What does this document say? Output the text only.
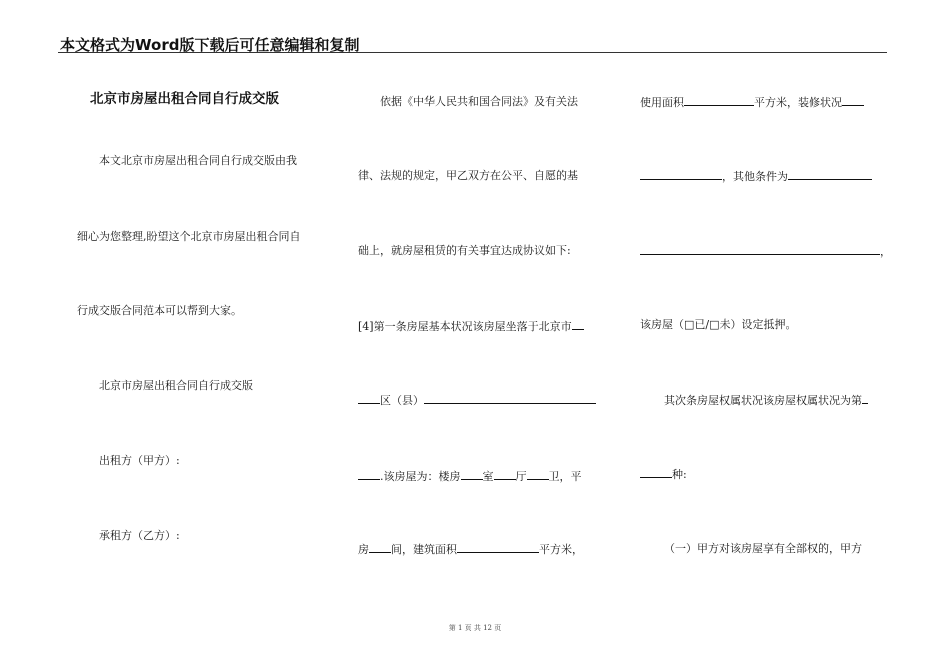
本文格式为Word版下载后可任意编辑和复制
北京市房屋出租合同自行成交版
本文北京市房屋出租合同自行成交版由我
细心为您整理,盼望这个北京市房屋出租合同自
行成交版合同范本可以帮到大家。
北京市房屋出租合同自行成交版
出租方（甲方）:
承租方（乙方）:
依据《中华人民共和国合同法》及有关法
律、法规的规定，甲乙双方在公平、自愿的基
础上，就房屋租赁的有关事宜达成协议如下:
[4]第一条房屋基本状况该房屋坐落于北京市
区（县）
.该房屋为：楼房 室 厅 卫，平
房 间，建筑面积	平方米，
使用面积	平方米，装修状况
，其他条件为
，
该房屋（□已/□未）设定抵押。
其次条房屋权属状况该房屋权属状况为第
种:
（一）甲方对该房屋享有全部权的，甲方
第 1 页 共 12 页
